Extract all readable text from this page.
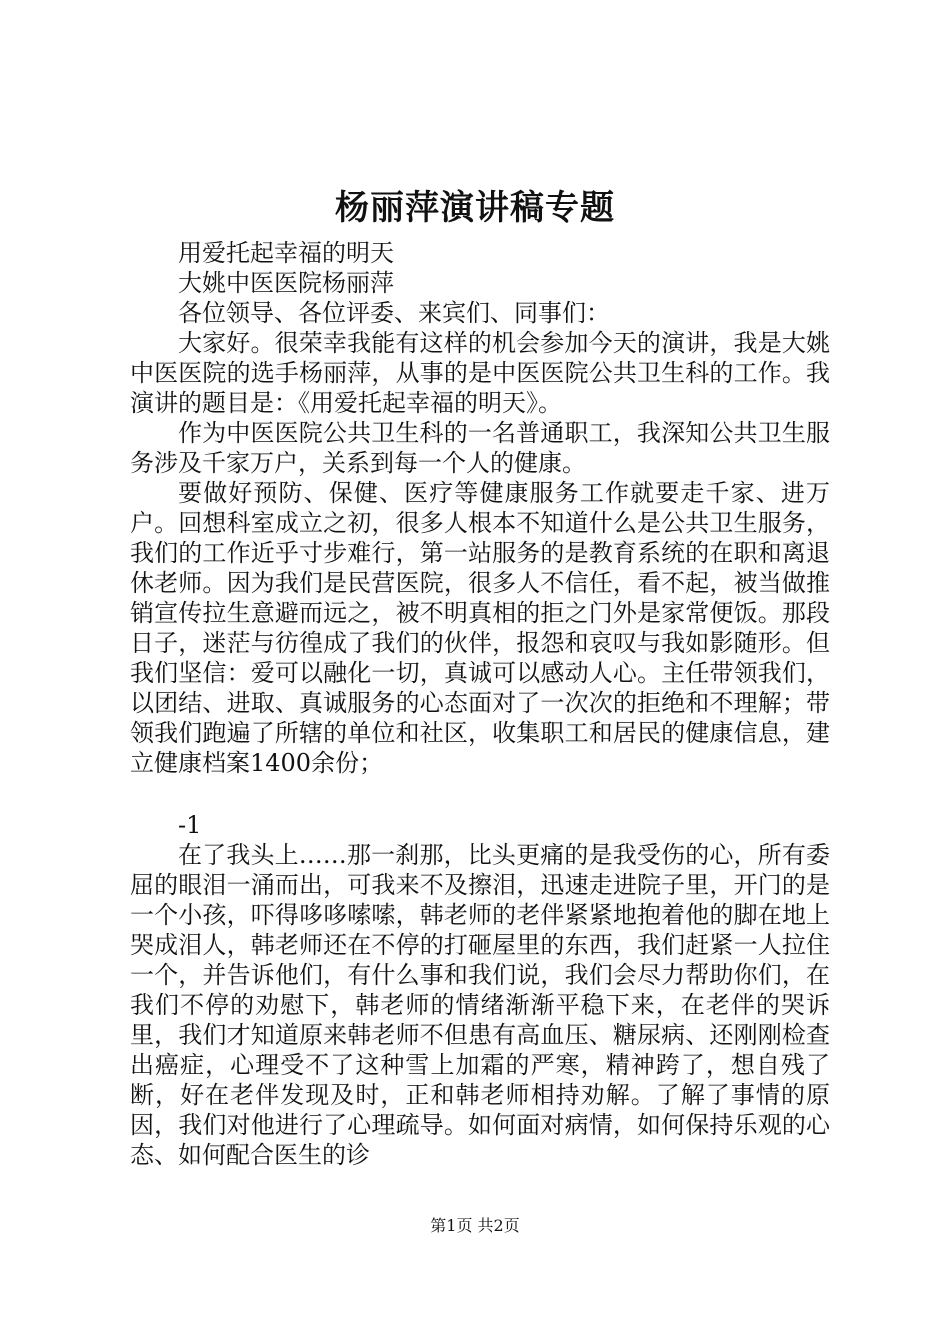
杨丽萍演讲稿专题

用爱托起幸福的明天

大姚中医医院杨丽萍

各位领导、各位评委、来宾们、同事们：

大家好。很荣幸我能有这样的机会参加今天的演讲，我是大姚中医医院的选手杨丽萍，从事的是中医医院公共卫生科的工作。我演讲的题目是：《用爱托起幸福的明天》。

作为中医医院公共卫生科的一名普通职工，我深知公共卫生服务涉及千家万户，关系到每一个人的健康。

要做好预防、保健、医疗等健康服务工作就要走千家、进万户。回想科室成立之初，很多人根本不知道什么是公共卫生服务，我们的工作近乎寸步难行，第一站服务的是教育系统的在职和离退休老师。因为我们是民营医院，很多人不信任，看不起，被当做推销宣传拉生意避而远之，被不明真相的拒之门外是家常便饭。那段日子，迷茫与彷徨成了我们的伙伴，报怨和哀叹与我如影随形。但我们坚信：爱可以融化一切，真诚可以感动人心。主任带领我们，以团结、进取、真诚服务的心态面对了一次次的拒绝和不理解；带领我们跑遍了所辖的单位和社区，收集职工和居民的健康信息，建立健康档案1400余份；

-1

在了我头上……那一刹那，比头更痛的是我受伤的心，所有委屈的眼泪一涌而出，可我来不及擦泪，迅速走进院子里，开门的是一个小孩，吓得哆哆嗦嗦，韩老师的老伴紧紧地抱着他的脚在地上哭成泪人，韩老师还在不停的打砸屋里的东西，我们赶紧一人拉住一个，并告诉他们，有什么事和我们说，我们会尽力帮助你们，在我们不停的劝慰下，韩老师的情绪渐渐平稳下来，在老伴的哭诉里，我们才知道原来韩老师不但患有高血压、糖尿病、还刚刚检查出癌症，心理受不了这种雪上加霜的严寒，精神跨了，想自残了断，好在老伴发现及时，正和韩老师相持劝解。了解了事情的原因，我们对他进行了心理疏导。如何面对病情，如何保持乐观的心态、如何配合医生的诊

第1页 共2页
